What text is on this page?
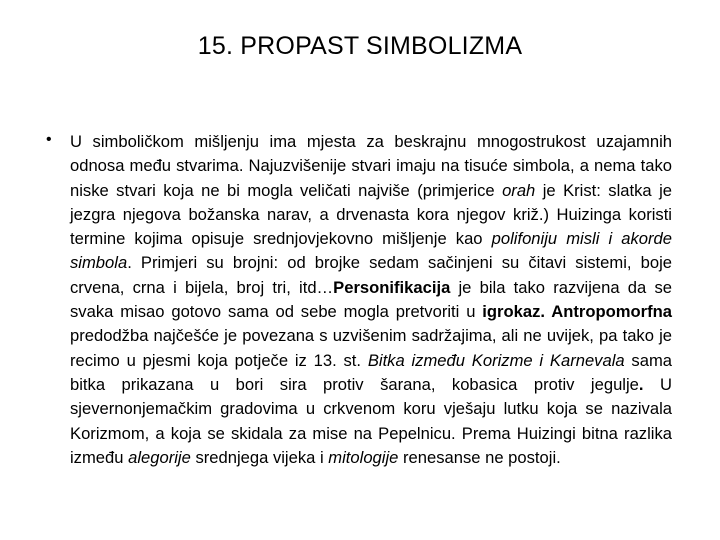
15. PROPAST SIMBOLIZMA
• U simboličkom mišljenju ima mjesta za beskrajnu mnogostrukost uzajamnih odnosa među stvarima. Najuzvišenije stvari imaju na tisuće simbola, a nema tako niske stvari koja ne bi mogla veličati najviše (primjerice orah je Krist: slatka je jezgra njegova božanska narav, a drvenasta kora njegov križ.) Huizinga koristi termine kojima opisuje srednjovjekovno mišljenje kao polifoniju misli i akorde simbola. Primjeri su brojni: od brojke sedam sačinjeni su čitavi sistemi, boje crvena, crna i bijela, broj tri, itd…Personifikacija je bila tako razvijena da se svaka misao gotovo sama od sebe mogla pretvoriti u igrokaz. Antropomorfna predodžba najčešće je povezana s uzvišenim sadržajima, ali ne uvijek, pa tako je recimo u pjesmi koja potječe iz 13. st. Bitka između Korizme i Karnevala sama bitka prikazana u bori sira protiv šarana, kobasica protiv jegulje. U sjevernonjemačkim gradovima u crkvenom koru vješaju lutku koja se nazivala Korizmom, a koja se skidala za mise na Pepelnicu. Prema Huizingi bitna razlika između alegorije srednjega vijeka i mitologije renesanse ne postoji.
